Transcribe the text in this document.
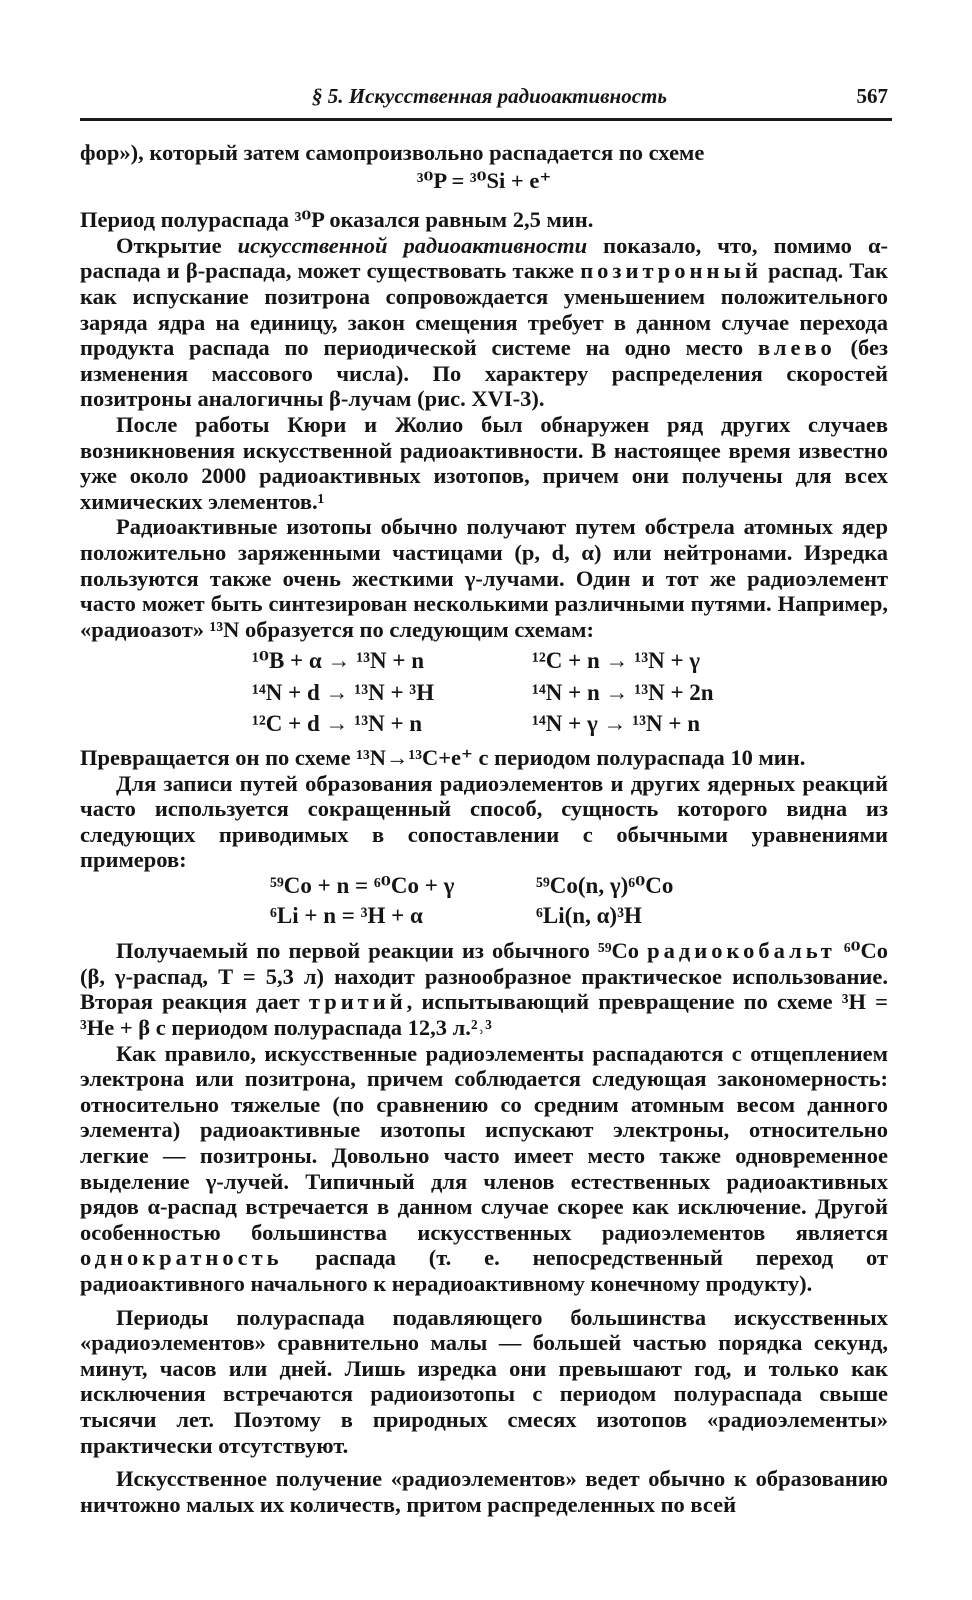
§ 5. Искусственная радиоактивность	567

фор»), который затем самопроизвольно распадается по схеме

³⁰P = ³⁰Si + e⁺

Период полураспада ³⁰P оказался равным 2,5 мин.

Открытие искусственной радиоактивности показало, что, помимо α-распада и β-распада, может существовать также позитронный распад. Так как испускание позитрона сопровождается уменьшением положительного заряда ядра на единицу, закон смещения требует в данном случае перехода продукта распада по периодической системе на одно место влево (без изменения массового числа). По характеру распределения скоростей позитроны аналогичны β-лучам (рис. XVI-3).

После работы Кюри и Жолио был обнаружен ряд других случаев возникновения искусственной радиоактивности. В настоящее время известно уже около 2000 радиоактивных изотопов, причем они получены для всех химических элементов.¹

Радиоактивные изотопы обычно получают путем обстрела атомных ядер положительно заряженными частицами (p, d, α) или нейтронами. Изредка пользуются также очень жесткими γ-лучами. Один и тот же радиоэлемент часто может быть синтезирован несколькими различными путями. Например, «радиоазот» ¹³N образуется по следующим схемам:

¹⁰B + α → ¹³N + n	¹²C + n → ¹³N + γ
¹⁴N + d → ¹³N + ³H	¹⁴N + n → ¹³N + 2n
¹²C + d → ¹³N + n	¹⁴N + γ → ¹³N + n

Превращается он по схеме ¹³N→¹³C+e⁺ с периодом полураспада 10 мин.

Для записи путей образования радиоэлементов и других ядерных реакций часто используется сокращенный способ, сущность которого видна из следующих приводимых в сопоставлении с обычными уравнениями примеров:

⁵⁹Co + n = ⁶⁰Co + γ	⁵⁹Co(n, γ)⁶⁰Co
⁶Li + n = ³H + α	⁶Li(n, α)³H

Получаемый по первой реакции из обычного ⁵⁹Co радиокобальт ⁶⁰Co (β, γ-распад, T = 5,3 л) находит разнообразное практическое использование. Вторая реакция дает тритий, испытывающий превращение по схеме ³H = ³He + β с периодом полураспада 12,3 л.²˒³

Как правило, искусственные радиоэлементы распадаются с отщеплением электрона или позитрона, причем соблюдается следующая закономерность: относительно тяжелые (по сравнению со средним атомным весом данного элемента) радиоактивные изотопы испускают электроны, относительно легкие — позитроны. Довольно часто имеет место также одновременное выделение γ-лучей. Типичный для членов естественных радиоактивных рядов α-распад встречается в данном случае скорее как исключение. Другой особенностью большинства искусственных радиоэлементов является однократность распада (т. е. непосредственный переход от радиоактивного начального к нерадиоактивному конечному продукту).

Периоды полураспада подавляющего большинства искусственных «радиоэлементов» сравнительно малы — большей частью порядка секунд, минут, часов или дней. Лишь изредка они превышают год, и только как исключения встречаются радиоизотопы с периодом полураспада свыше тысячи лет. Поэтому в природных смесях изотопов «радиоэлементы» практически отсутствуют.

Искусственное получение «радиоэлементов» ведет обычно к образованию ничтожно малых их количеств, притом распределенных по всей
